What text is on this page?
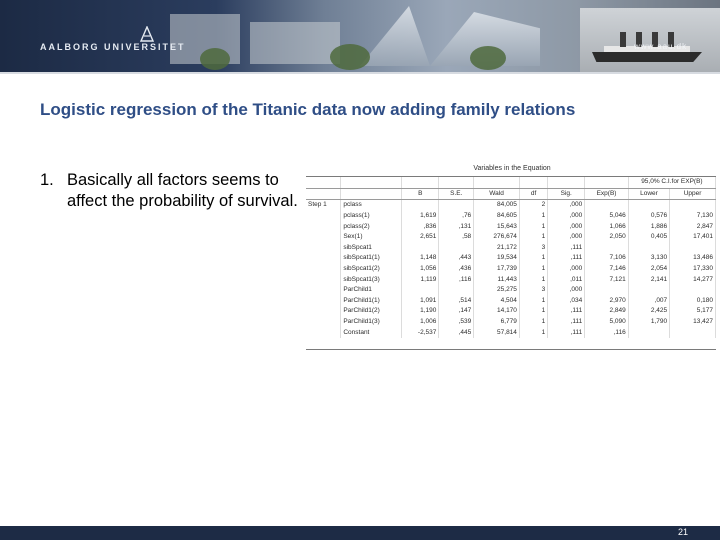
AALBORG UNIVERSITET	www.aau.dk
Logistic regression of the Titanic data now adding family relations
1. Basically all factors seems to affect the probability of survival.
Variables in the Equation
								95,0% C.I.for EXP(B)	
		B	S.E.	Wald	df	Sig.	Exp(B)	Lower	Upper
Step 1	pclass			84,005	2	,000			
	pclass(1)	1,619	,76	84,605	1	,000	5,046	0,576	7,130
	pclass(2)	,836	,131	15,643	1	,000	1,066	1,886	2,847
	Sex(1)	2,651	,58	276,674	1	,000	2,050	0,405	17,401
	sibSpcat1			21,172	3	,111			
	sibSpcat1(1)	1,148	,443	19,534	1	,111	7,106	3,130	13,486
	sibSpcat1(2)	1,056	,436	17,739	1	,000	7,146	2,054	17,330
	sibSpcat1(3)	1,119	,116	11,443	1	,011	7,121	2,141	14,277
	ParChild1			25,275	3	,000			
	ParChild1(1)	1,091	,514	4,504	1	,034	2,970	,007	0,180
	ParChild1(2)	1,190	,147	14,170	1	,111	2,849	2,425	5,177
	ParChild1(3)	1,006	,539	6,779	1	,111	5,090	1,790	13,427
	Constant	-2,537	,445	57,814	1	,111	,116		
21
